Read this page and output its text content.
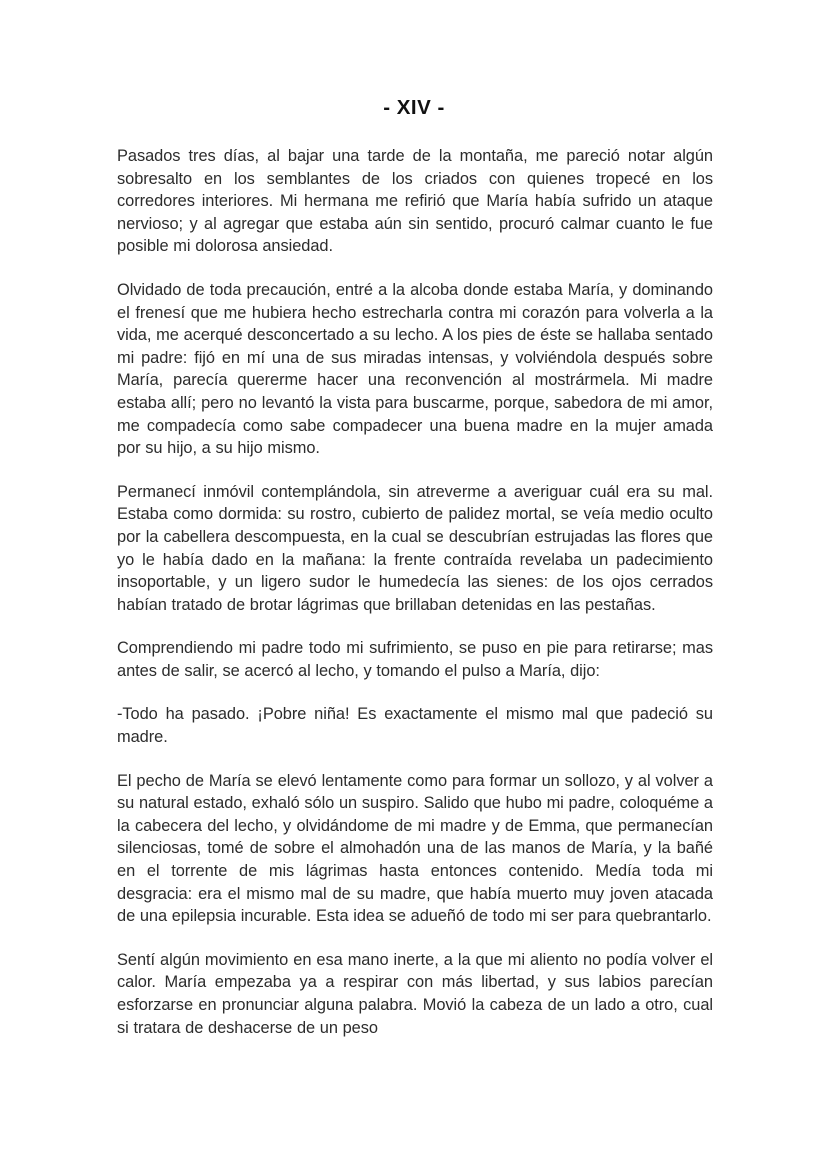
- XIV -

Pasados tres días, al bajar una tarde de la montaña, me pareció notar algún sobresalto en los semblantes de los criados con quienes tropecé en los corredores interiores. Mi hermana me refirió que María había sufrido un ataque nervioso; y al agregar que estaba aún sin sentido, procuró calmar cuanto le fue posible mi dolorosa ansiedad.

Olvidado de toda precaución, entré a la alcoba donde estaba María, y dominando el frenesí que me hubiera hecho estrecharla contra mi corazón para volverla a la vida, me acerqué desconcertado a su lecho. A los pies de éste se hallaba sentado mi padre: fijó en mí una de sus miradas intensas, y volviéndola después sobre María, parecía quererme hacer una reconvención al mostrármela. Mi madre estaba allí; pero no levantó la vista para buscarme, porque, sabedora de mi amor, me compadecía como sabe compadecer una buena madre en la mujer amada por su hijo, a su hijo mismo.

Permanecí inmóvil contemplándola, sin atreverme a averiguar cuál era su mal. Estaba como dormida: su rostro, cubierto de palidez mortal, se veía medio oculto por la cabellera descompuesta, en la cual se descubrían estrujadas las flores que yo le había dado en la mañana: la frente contraída revelaba un padecimiento insoportable, y un ligero sudor le humedecía las sienes: de los ojos cerrados habían tratado de brotar lágrimas que brillaban detenidas en las pestañas.

Comprendiendo mi padre todo mi sufrimiento, se puso en pie para retirarse; mas antes de salir, se acercó al lecho, y tomando el pulso a María, dijo:

-Todo ha pasado. ¡Pobre niña! Es exactamente el mismo mal que padeció su madre.

El pecho de María se elevó lentamente como para formar un sollozo, y al volver a su natural estado, exhaló sólo un suspiro. Salido que hubo mi padre, coloquéme a la cabecera del lecho, y olvidándome de mi madre y de Emma, que permanecían silenciosas, tomé de sobre el almohadón una de las manos de María, y la bañé en el torrente de mis lágrimas hasta entonces contenido. Medía toda mi desgracia: era el mismo mal de su madre, que había muerto muy joven atacada de una epilepsia incurable. Esta idea se adueñó de todo mi ser para quebrantarlo.

Sentí algún movimiento en esa mano inerte, a la que mi aliento no podía volver el calor. María empezaba ya a respirar con más libertad, y sus labios parecían esforzarse en pronunciar alguna palabra. Movió la cabeza de un lado a otro, cual si tratara de deshacerse de un peso
